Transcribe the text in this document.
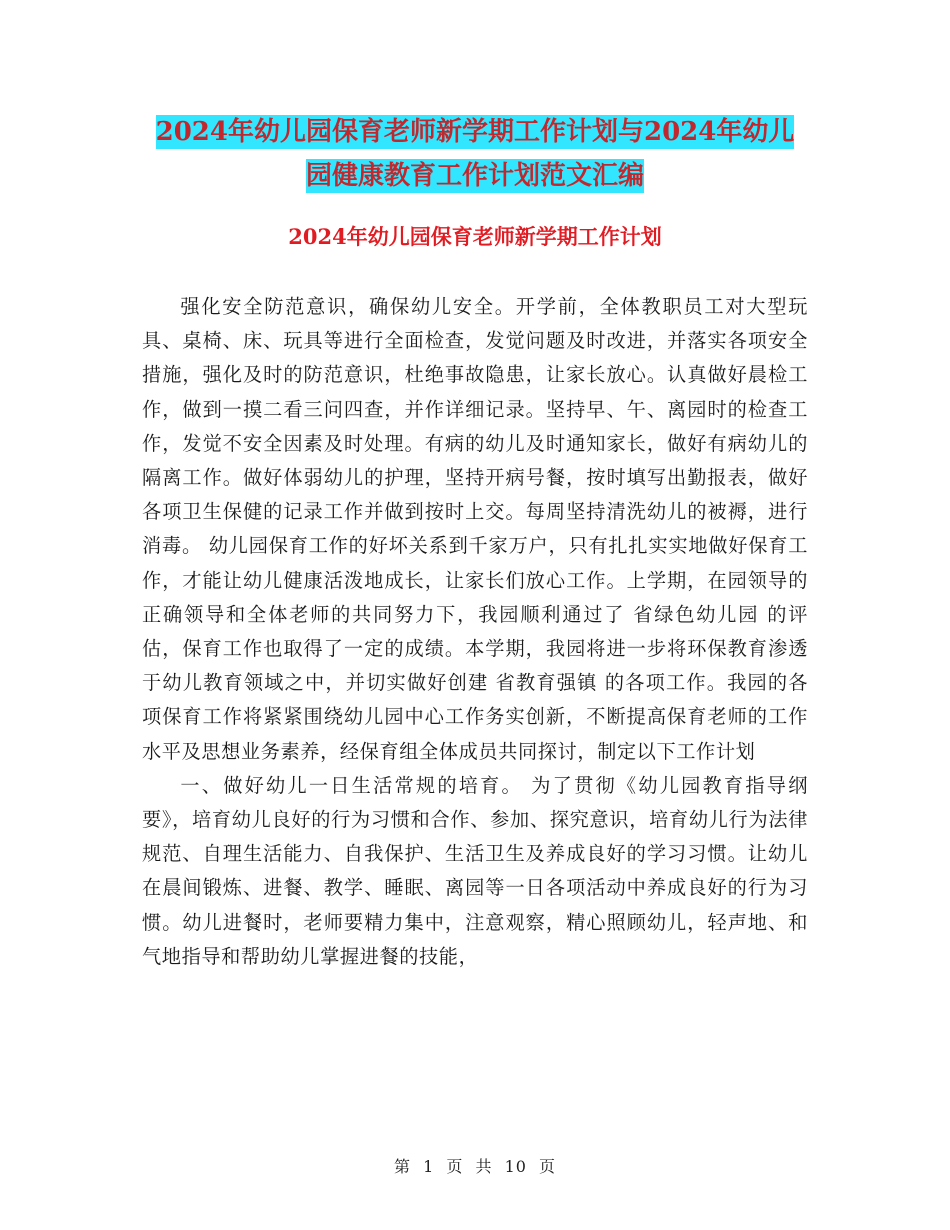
2024年幼儿园保育老师新学期工作计划与2024年幼儿
园健康教育工作计划范文汇编
2024年幼儿园保育老师新学期工作计划

强化安全防范意识，确保幼儿安全。开学前，全体教职员工对大型玩具、桌椅、床、玩具等进行全面检查，发觉问题及时改进，并落实各项安全措施，强化及时的防范意识，杜绝事故隐患，让家长放心。认真做好晨检工作，做到一摸二看三问四查，并作详细记录。坚持早、午、离园时的检查工作，发觉不安全因素及时处理。有病的幼儿及时通知家长，做好有病幼儿的隔离工作。做好体弱幼儿的护理，坚持开病号餐，按时填写出勤报表，做好各项卫生保健的记录工作并做到按时上交。每周坚持清洗幼儿的被褥，进行消毒。 幼儿园保育工作的好坏关系到千家万户，只有扎扎实实地做好保育工作，才能让幼儿健康活泼地成长，让家长们放心工作。上学期，在园领导的正确领导和全体老师的共同努力下，我园顺利通过了 省绿色幼儿园 的评估，保育工作也取得了一定的成绩。本学期，我园将进一步将环保教育渗透于幼儿教育领域之中，并切实做好创建 省教育强镇 的各项工作。我园的各项保育工作将紧紧围绕幼儿园中心工作务实创新，不断提高保育老师的工作水平及思想业务素养，经保育组全体成员共同探讨，制定以下工作计划

一、做好幼儿一日生活常规的培育。 为了贯彻《幼儿园教育指导纲要》，培育幼儿良好的行为习惯和合作、参加、探究意识，培育幼儿行为法律规范、自理生活能力、自我保护、生活卫生及养成良好的学习习惯。让幼儿在晨间锻炼、进餐、教学、睡眠、离园等一日各项活动中养成良好的行为习惯。幼儿进餐时，老师要精力集中，注意观察，精心照顾幼儿，轻声地、和气地指导和帮助幼儿掌握进餐的技能，

第 1 页 共 10 页
